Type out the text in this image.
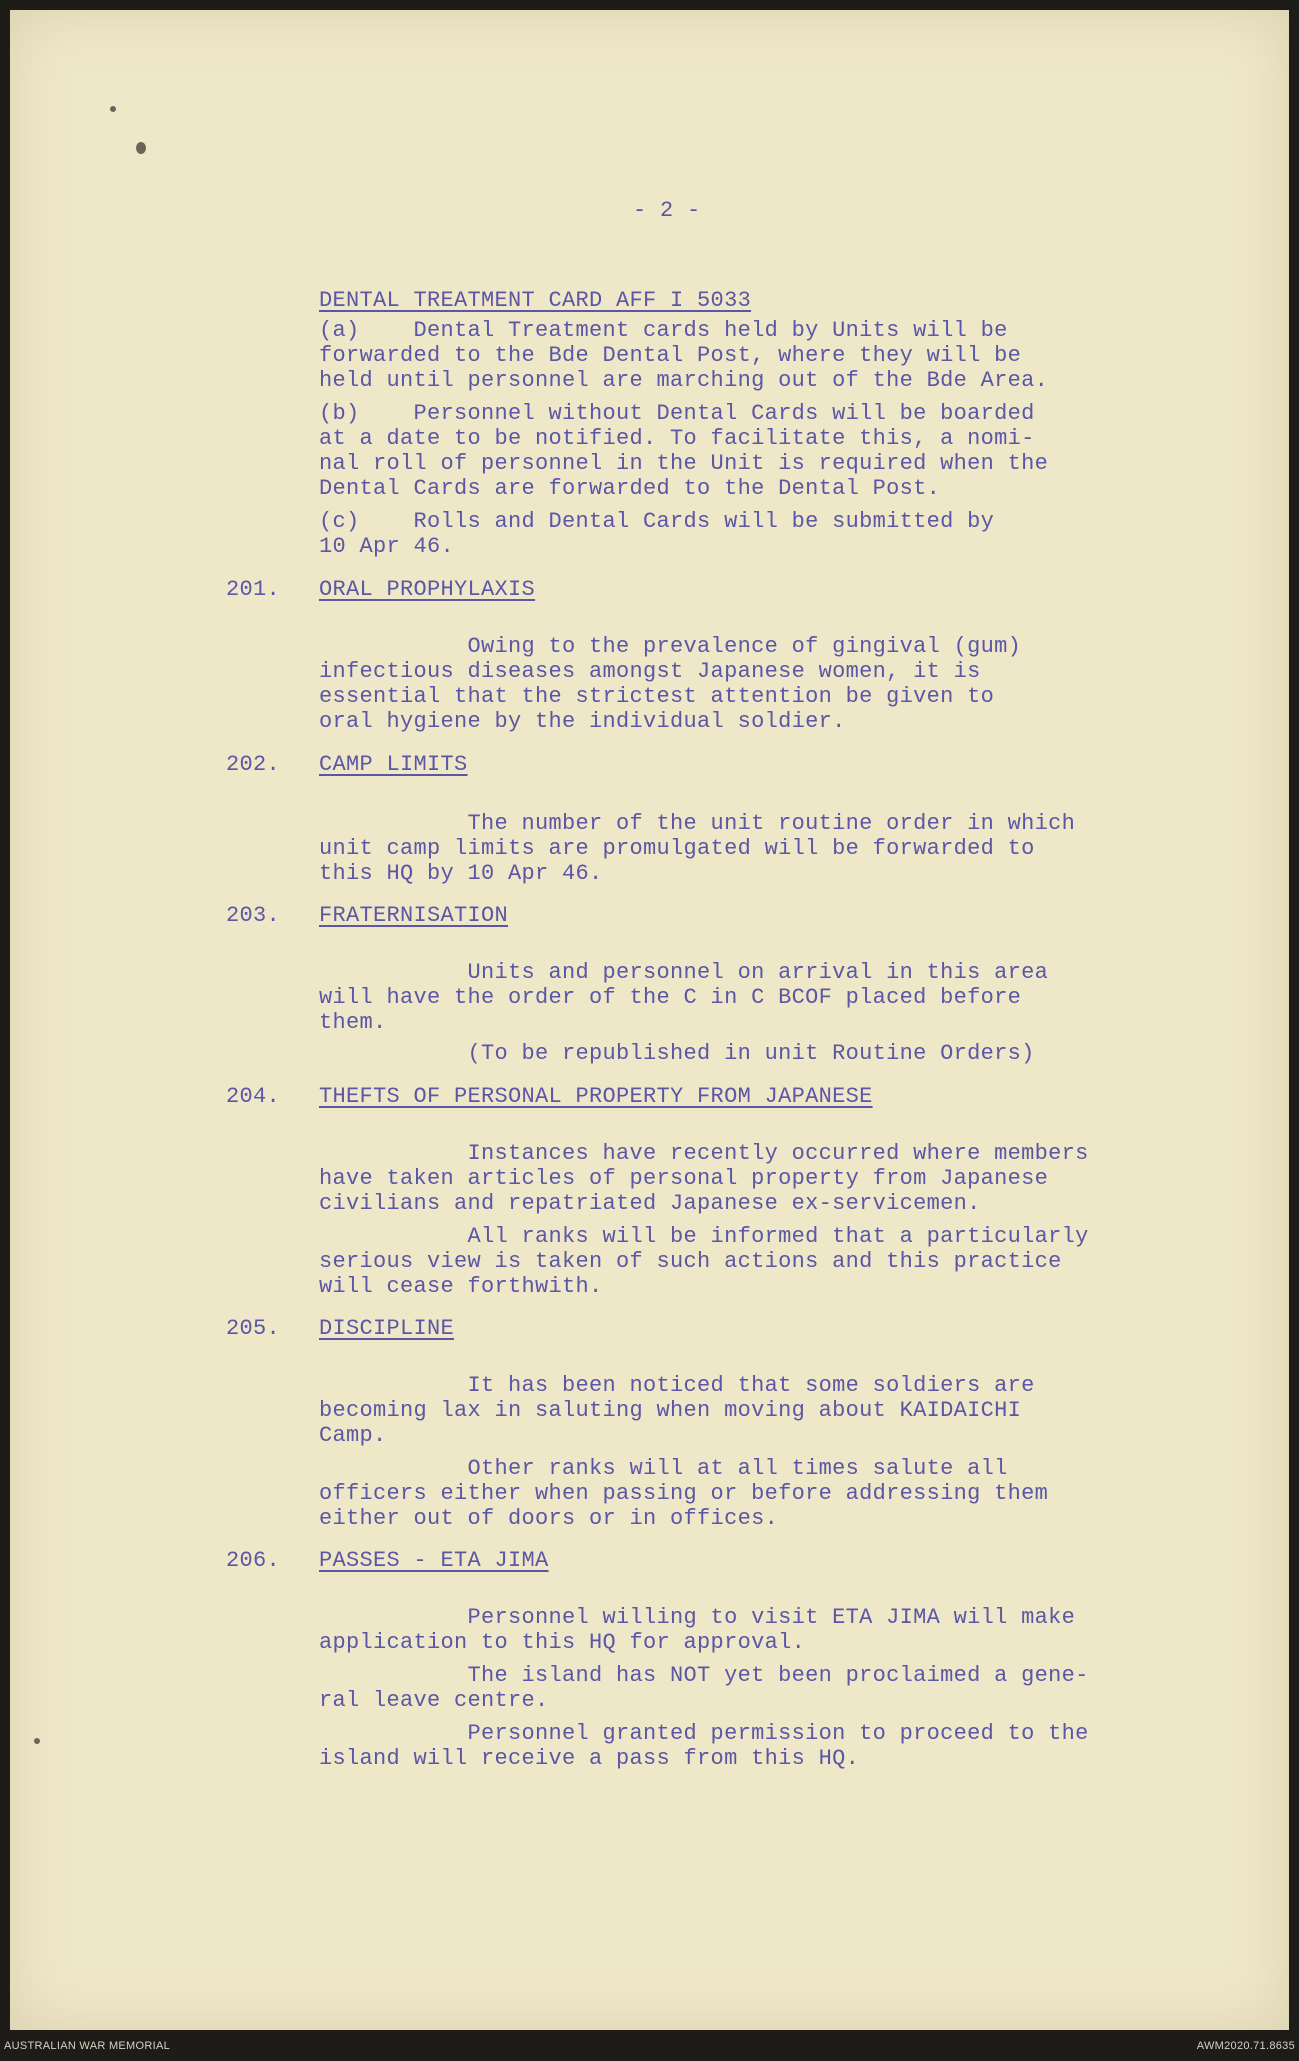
- 2 -

DENTAL TREATMENT CARD AFF I 5033

(a)    Dental Treatment cards held by Units will be

forwarded to the Bde Dental Post, where they will be

held until personnel are marching out of the Bde Area.

(b)    Personnel without Dental Cards will be boarded

at a date to be notified. To facilitate this, a nomi-

nal roll of personnel in the Unit is required when the

Dental Cards are forwarded to the Dental Post.

(c)    Rolls and Dental Cards will be submitted by

10 Apr 46.

201. ORAL PROPHYLAXIS

Owing to the prevalence of gingival (gum)

infectious diseases amongst Japanese women, it is

essential that the strictest attention be given to

oral hygiene by the individual soldier.

202. CAMP LIMITS

The number of the unit routine order in which

unit camp limits are promulgated will be forwarded to

this HQ by 10 Apr 46.

203. FRATERNISATION

Units and personnel on arrival in this area

will have the order of the C in C BCOF placed before

them.

(To be republished in unit Routine Orders)

204. THEFTS OF PERSONAL PROPERTY FROM JAPANESE

Instances have recently occurred where members

have taken articles of personal property from Japanese

civilians and repatriated Japanese ex-servicemen.

All ranks will be informed that a particularly

serious view is taken of such actions and this practice

will cease forthwith.

205. DISCIPLINE

It has been noticed that some soldiers are

becoming lax in saluting when moving about KAIDAICHI

Camp.

Other ranks will at all times salute all

officers either when passing or before addressing them

either out of doors or in offices.

206. PASSES - ETA JIMA

Personnel willing to visit ETA JIMA will make

application to this HQ for approval.

The island has NOT yet been proclaimed a gene-

ral leave centre.

Personnel granted permission to proceed to the

island will receive a pass from this HQ.

AUSTRALIAN WAR MEMORIAL	AWM2020.71.8635
